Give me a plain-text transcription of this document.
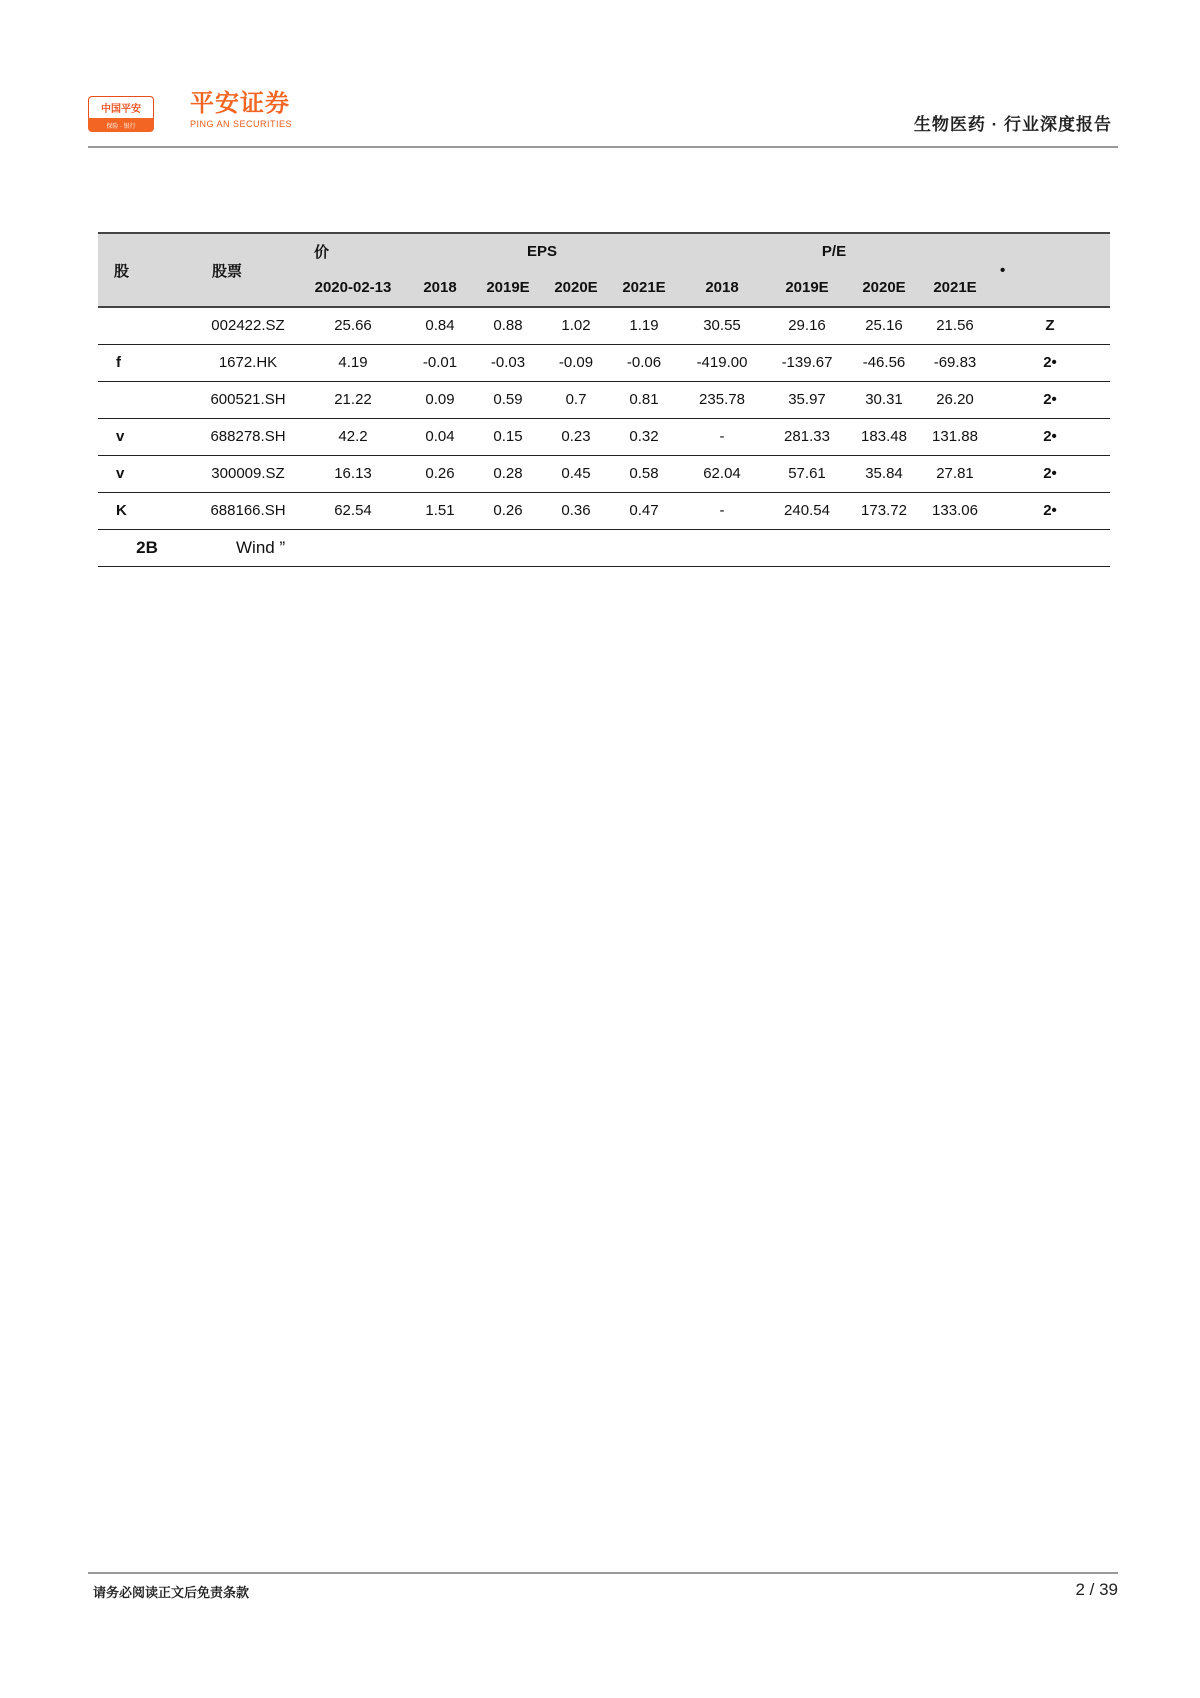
中国平安
保险 · 银行
平安证券
PING AN SECURITIES	生物医药 · 行业深度报告
股	股票	价	EPS				P/E				•
		2020-02-13	2018	2019E	2020E	2021E	2018	2019E	2020E	2021E	
	002422.SZ	25.66	0.84	0.88	1.02	1.19	30.55	29.16	25.16	21.56	Z
f	1672.HK	4.19	-0.01	-0.03	-0.09	-0.06	-419.00	-139.67	-46.56	-69.83	2•
	600521.SH	21.22	0.09	0.59	0.7	0.81	235.78	35.97	30.31	26.20	2•
v	688278.SH	42.2	0.04	0.15	0.23	0.32	-	281.33	183.48	131.88	2•
v	300009.SZ	16.13	0.26	0.28	0.45	0.58	62.04	57.61	35.84	27.81	2•
K	688166.SH	62.54	1.51	0.26	0.36	0.47	-	240.54	173.72	133.06	2•
2B	Wind ”										
请务必阅读正文后免责条款	2 / 39
